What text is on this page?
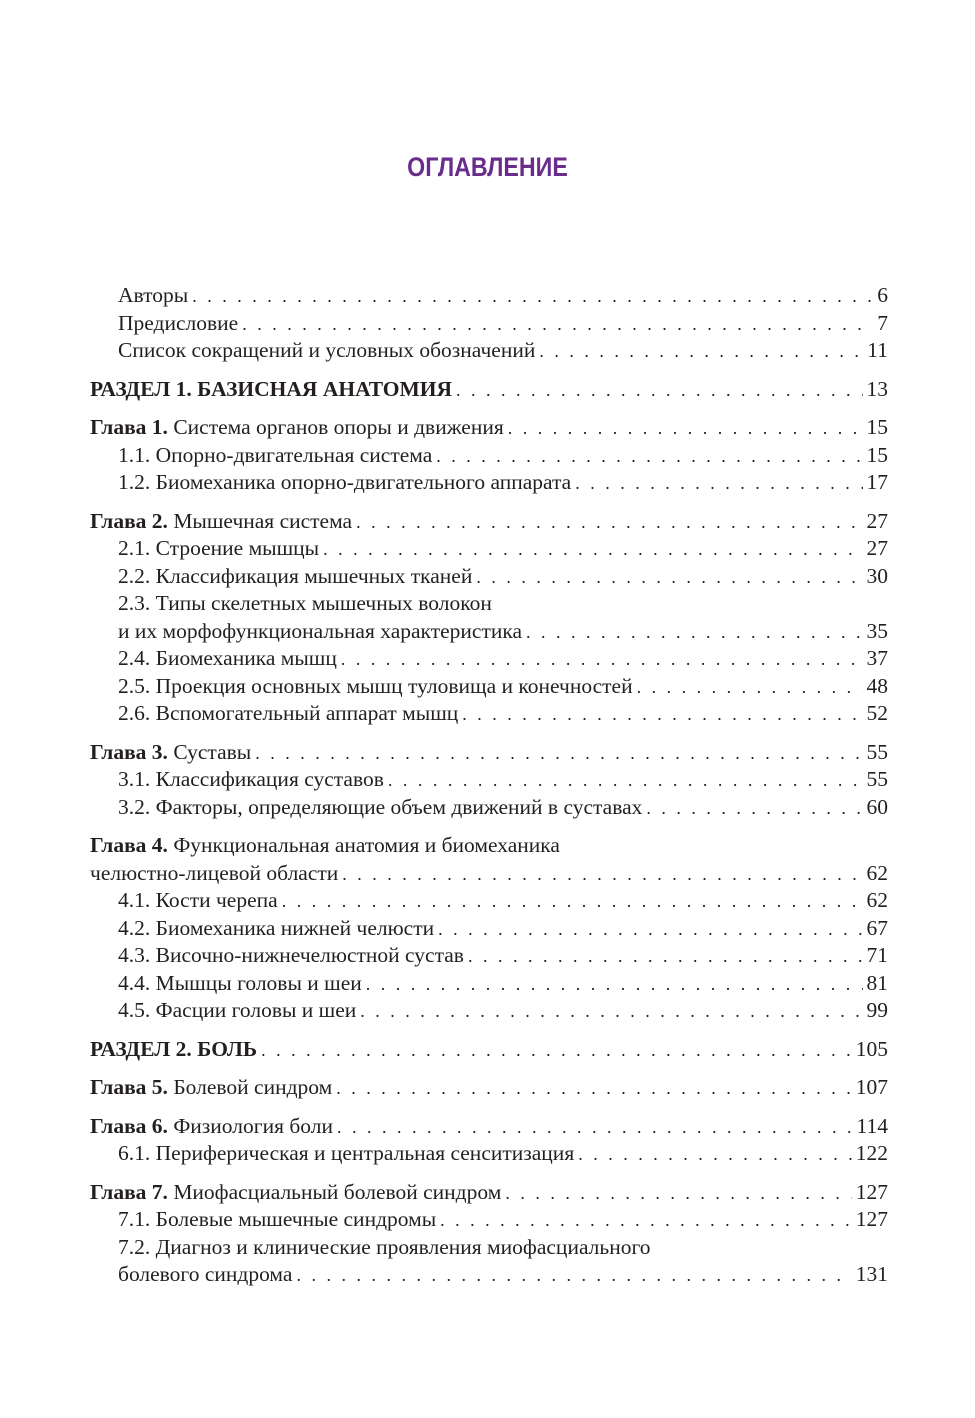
ОГЛАВЛЕНИЕ
Авторы . . .	6
Предисловие . . .	7
Список сокращений и условных обозначений . . .	11
РАЗДЕЛ 1. БАЗИСНАЯ АНАТОМИЯ . . .	13
Глава 1. Система органов опоры и движения . . .	15
1.1. Опорно-двигательная система . . .	15
1.2. Биомеханика опорно-двигательного аппарата . . .	17
Глава 2. Мышечная система . . .	27
2.1. Строение мышцы . . .	27
2.2. Классификация мышечных тканей . . .	30
2.3. Типы скелетных мышечных волокон
и их морфофункциональная характеристика . . .	35
2.4. Биомеханика мышц . . .	37
2.5. Проекция основных мышц туловища и конечностей . . .	48
2.6. Вспомогательный аппарат мышц . . .	52
Глава 3. Суставы . . .	55
3.1. Классификация суставов . . .	55
3.2. Факторы, определяющие объем движений в суставах . . .	60
Глава 4. Функциональная анатомия и биомеханика
челюстно-лицевой области . . .	62
4.1. Кости черепа . . .	62
4.2. Биомеханика нижней челюсти . . .	67
4.3. Височно-нижнечелюстной сустав . . .	71
4.4. Мышцы головы и шеи . . .	81
4.5. Фасции головы и шеи . . .	99
РАЗДЕЛ 2. БОЛЬ . . .	105
Глава 5. Болевой синдром . . .	107
Глава 6. Физиология боли . . .	114
6.1. Периферическая и центральная сенситизация . . .	122
Глава 7. Миофасциальный болевой синдром . . .	127
7.1. Болевые мышечные синдромы . . .	127
7.2. Диагноз и клинические проявления миофасциального
болевого синдрома . . .	131
